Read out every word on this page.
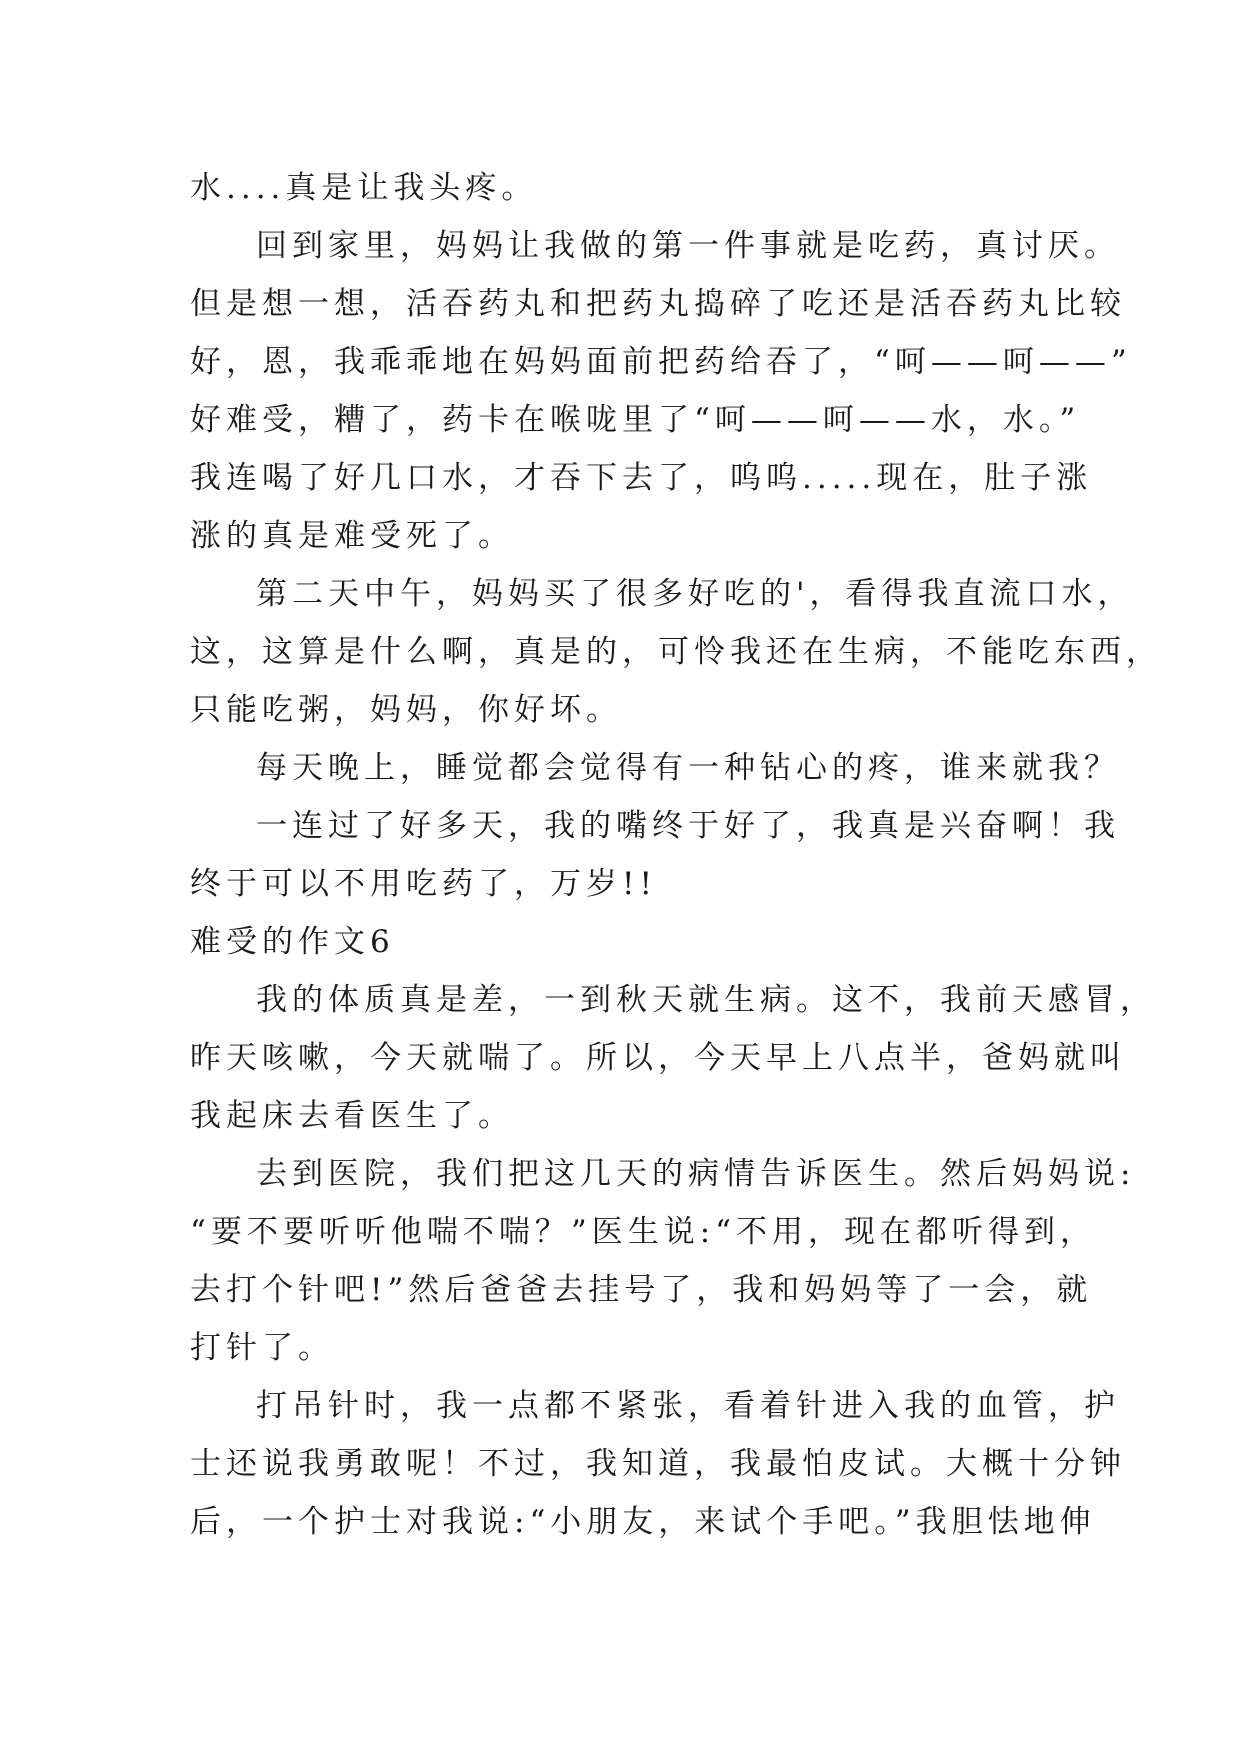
水....真是让我头疼。
回到家里，妈妈让我做的第一件事就是吃药，真讨厌。
但是想一想，活吞药丸和把药丸捣碎了吃还是活吞药丸比较
好，恩，我乖乖地在妈妈面前把药给吞了，“呵——呵——”
好难受，糟了，药卡在喉咙里了“呵——呵——水，水。”
我连喝了好几口水，才吞下去了，呜呜.....现在，肚子涨
涨的真是难受死了。
第二天中午，妈妈买了很多好吃的'，看得我直流口水，
这，这算是什么啊，真是的，可怜我还在生病，不能吃东西，
只能吃粥，妈妈，你好坏。
每天晚上，睡觉都会觉得有一种钻心的疼，谁来就我？
一连过了好多天，我的嘴终于好了，我真是兴奋啊！我
终于可以不用吃药了，万岁!!
难受的作文6
我的体质真是差，一到秋天就生病。这不，我前天感冒，
昨天咳嗽，今天就喘了。所以，今天早上八点半，爸妈就叫
我起床去看医生了。
去到医院，我们把这几天的病情告诉医生。然后妈妈说:
“要不要听听他喘不喘？”医生说:“不用，现在都听得到，
去打个针吧!”然后爸爸去挂号了，我和妈妈等了一会，就
打针了。
打吊针时，我一点都不紧张，看着针进入我的血管，护
士还说我勇敢呢！不过，我知道，我最怕皮试。大概十分钟
后，一个护士对我说:“小朋友，来试个手吧。”我胆怯地伸
